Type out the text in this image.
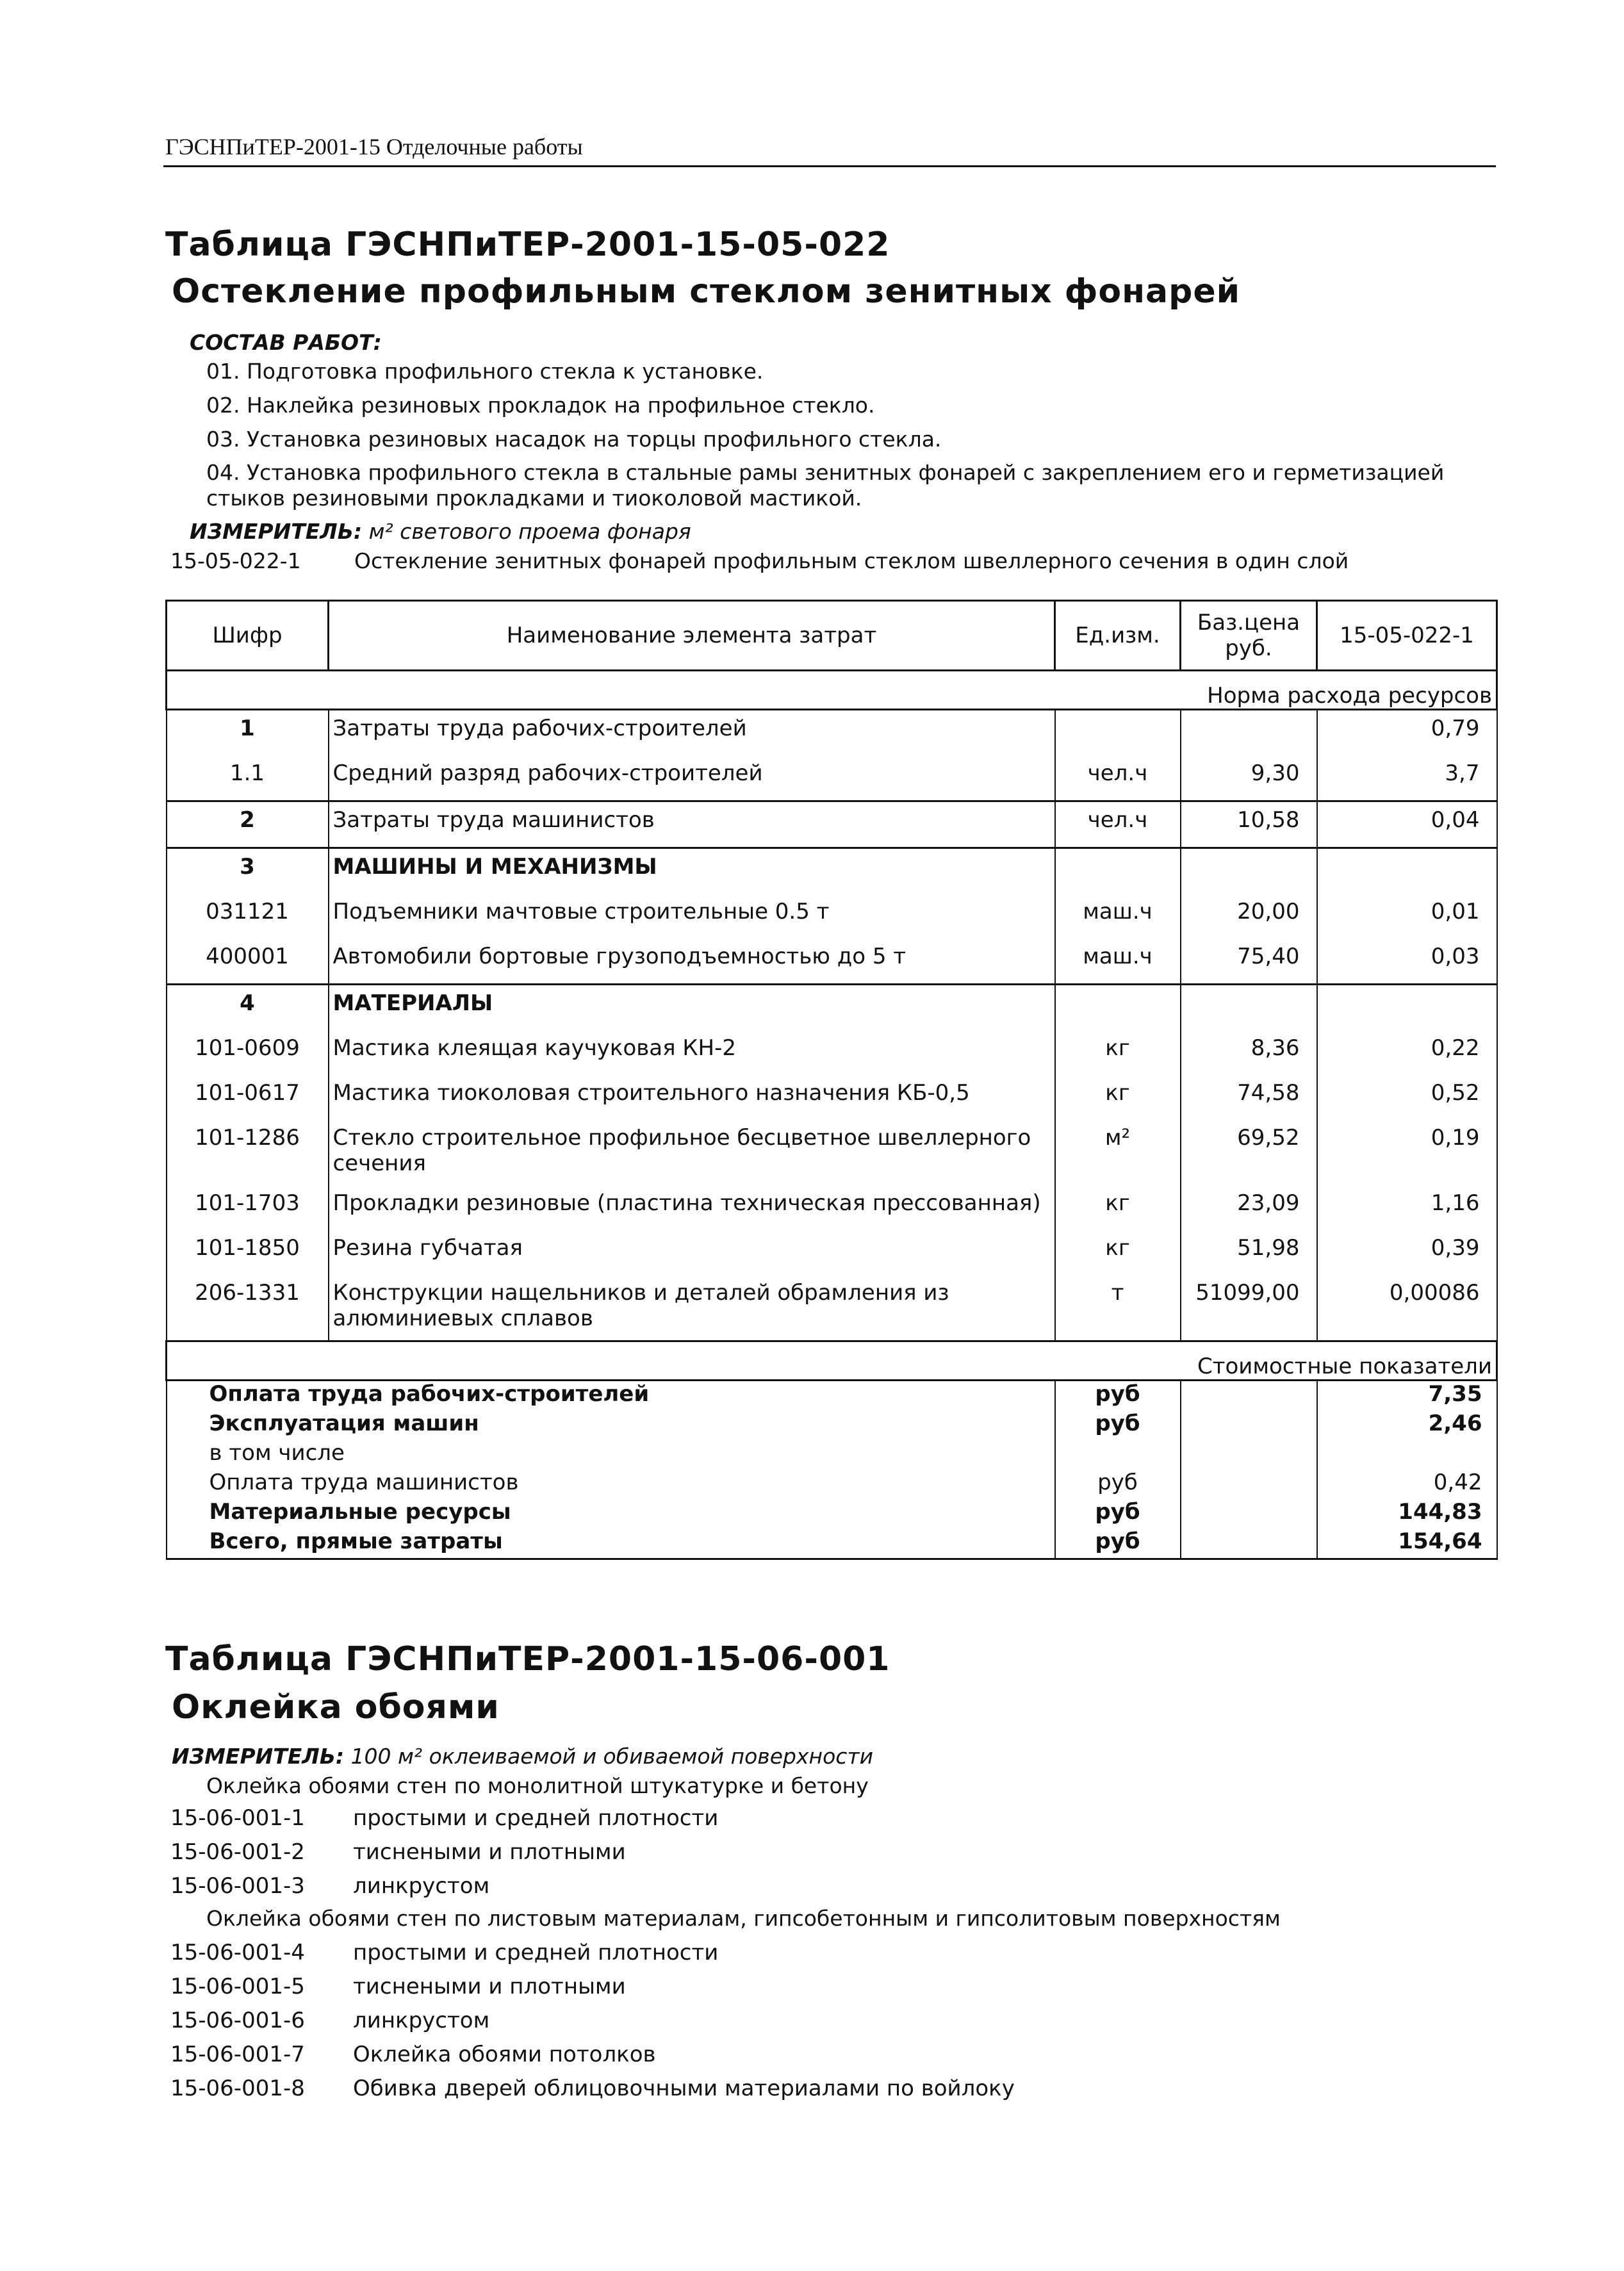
ГЭСНПиТЕР-2001-15 Отделочные работы
Таблица ГЭСНПиТЕР-2001-15-05-022
Остекление профильным стеклом зенитных фонарей
СОСТАВ РАБОТ:
01. Подготовка профильного стекла к установке.
02. Наклейка резиновых прокладок на профильное стекло.
03. Установка резиновых насадок на торцы профильного стекла.
04. Установка профильного стекла в стальные рамы зенитных фонарей с закреплением его и герметизацией
стыков резиновыми прокладками и тиоколовой мастикой.
ИЗМЕРИТЕЛЬ: м² светового проема фонаря
15-05-022-1	Остекление зенитных фонарей профильным стеклом швеллерного сечения в один слой
Шифр	Наименование элемента затрат	Ед.изм.	Баз.цена руб.	15-05-022-1
Норма расхода ресурсов				
1	Затраты труда рабочих-строителей			0,79
1.1	Средний разряд рабочих-строителей	чел.ч	9,30	3,7
2	Затраты труда машинистов	чел.ч	10,58	0,04
3	МАШИНЫ И МЕХАНИЗМЫ			
031121	Подъемники мачтовые строительные 0.5 т	маш.ч	20,00	0,01
400001	Автомобили бортовые грузоподъемностью до 5 т	маш.ч	75,40	0,03
4	МАТЕРИАЛЫ			
101-0609	Мастика клеящая каучуковая КН-2	кг	8,36	0,22
101-0617	Мастика тиоколовая строительного назначения КБ-0,5	кг	74,58	0,52
101-1286	Стекло строительное профильное бесцветное швеллерного сечения	м²	69,52	0,19
101-1703	Прокладки резиновые (пластина техническая прессованная)	кг	23,09	1,16
101-1850	Резина губчатая	кг	51,98	0,39
206-1331	Конструкции нащельников и деталей обрамления из алюминиевых сплавов	т	51099,00	0,00086
Стоимостные показатели				
Оплата труда рабочих-строителей		руб		7,35
Эксплуатация машин		руб		2,46
в том числе				
Оплата труда машинистов		руб		0,42
Материальные ресурсы		руб		144,83
Всего, прямые затраты		руб		154,64
Таблица ГЭСНПиТЕР-2001-15-06-001
Оклейка обоями
ИЗМЕРИТЕЛЬ: 100 м² оклеиваемой и обиваемой поверхности
Оклейка обоями стен по монолитной штукатурке и бетону
15-06-001-1 простыми и средней плотности
15-06-001-2 тиснеными и плотными
15-06-001-3 линкрустом
Оклейка обоями стен по листовым материалам, гипсобетонным и гипсолитовым поверхностям
15-06-001-4 простыми и средней плотности
15-06-001-5 тиснеными и плотными
15-06-001-6 линкрустом
15-06-001-7 Оклейка обоями потолков
15-06-001-8 Обивка дверей облицовочными материалами по войлоку
